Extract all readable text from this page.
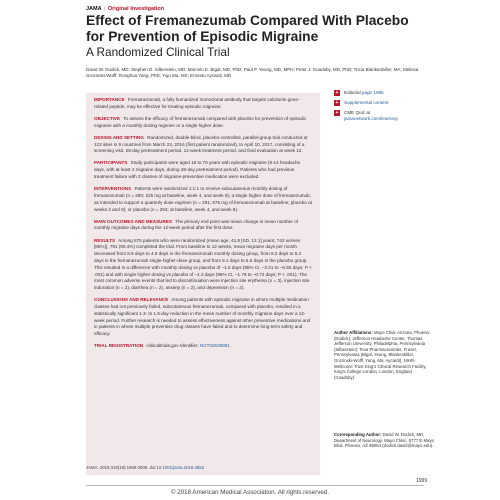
JAMA | Original Investigation
Effect of Fremanezumab Compared With Placebo for Prevention of Episodic Migraine
A Randomized Clinical Trial
David W. Dodick, MD; Stephen D. Silberstein, MD; Marcelo E. Bigal, MD, PhD; Paul P. Yeung, MD, MPH; Peter J. Goadsby, MD, PhD; Tricia Blankenbiller, MA; Melissa Grozinski-Wolff; Ronghua Yang, PhD; Yuju Ma, MS; Ernesto Aycardi, MD

IMPORTANCE Fremanezumab, a fully humanized monoclonal antibody that targets calcitonin gene-related peptide, may be effective for treating episodic migraine.

OBJECTIVE To assess the efficacy of fremanezumab compared with placebo for prevention of episodic migraine with a monthly dosing regimen or a single higher dose.

DESIGN AND SETTING Randomized, double-blind, placebo-controlled, parallel-group trial conducted at 123 sites in 9 countries from March 23, 2016 (first patient randomized), to April 10, 2017, consisting of a screening visit, 28-day pretreatment period, 12-week treatment period, and final evaluation at week 12.

PARTICIPANTS Study participants were aged 18 to 70 years with episodic migraine (6-14 headache days, with at least 4 migraine days, during 28-day pretreatment period). Patients who had previous treatment failure with 2 classes of migraine-preventive medication were excluded.

INTERVENTIONS Patients were randomized 1:1:1 to receive subcutaneous monthly dosing of fremanezumab (n = 290; 225 mg at baseline, week 4, and week 8); a single higher dose of fremanezumab, as intended to support a quarterly dose regimen (n = 291; 675 mg of fremanezumab at baseline; placebo at weeks 4 and 8); or placebo (n = 294; at baseline, week 4, and week 8).

MAIN OUTCOMES AND MEASURES The primary end point was mean change in mean number of monthly migraine days during the 12-week period after the first dose.

RESULTS Among 875 patients who were randomized (mean age, 41.8 [SD, 12.1] years; 742 women [85%]), 791 (90.4%) completed the trial. From baseline to 12 weeks, mean migraine days per month decreased from 8.9 days to 4.9 days in the fremanezumab monthly dosing group, from 9.2 days to 5.3 days in the fremanezumab single-higher-dose group, and from 9.1 days to 6.5 days in the placebo group. This resulted in a difference with monthly dosing vs placebo of –1.5 days (95% CI, –2.01 to –0.93 days; P < .001) and with single higher dosing vs placebo of –1.3 days (95% CI, –1.79 to –0.72 days; P < .001). The most common adverse events that led to discontinuation were injection site erythema (n = 3), injection site induration (n = 2), diarrhea (n = 2), anxiety (n = 2), and depression (n = 2).

CONCLUSIONS AND RELEVANCE Among patients with episodic migraine in whom multiple medication classes had not previously failed, subcutaneous fremanezumab, compared with placebo, resulted in a statistically significant 1.3- to 1.5-day reduction in the mean number of monthly migraine days over a 12-week period. Further research is needed to assess effectiveness against other preventive medications and in patients in whom multiple preventive drug classes have failed and to determine long-term safety and efficacy.

TRIAL REGISTRATION clinicaltrials.gov Identifier: NCT02629861

JAMA. 2018;319(19):1999-2008. doi:10.1001/jama.2018.4853
+	Editorial page 1985
+	Supplemental content
+	CME Quiz at
jamanetwork.com/learning
Author Affiliations: Mayo Clinic Arizona, Phoenix (Dodick); Jefferson Headache Center, Thomas Jefferson University, Philadelphia, Pennsylvania (Silberstein); Teva Pharmaceuticals, Frazer, Pennsylvania (Bigal, Yeung, Blankenbiller, Grozinski-Wolff, Yang, Ma, Aycardi); NIHR-Wellcome Trust King's Clinical Research Facility, King's College London, London, England (Goadsby).
Corresponding Author: David W. Dodick, MD, Department of Neurology, Mayo Clinic, 5777 E Mayo Blvd, Phoenix, AZ 85054 (dodick.david@mayo.edu).
1999
© 2018 American Medical Association. All rights reserved.
